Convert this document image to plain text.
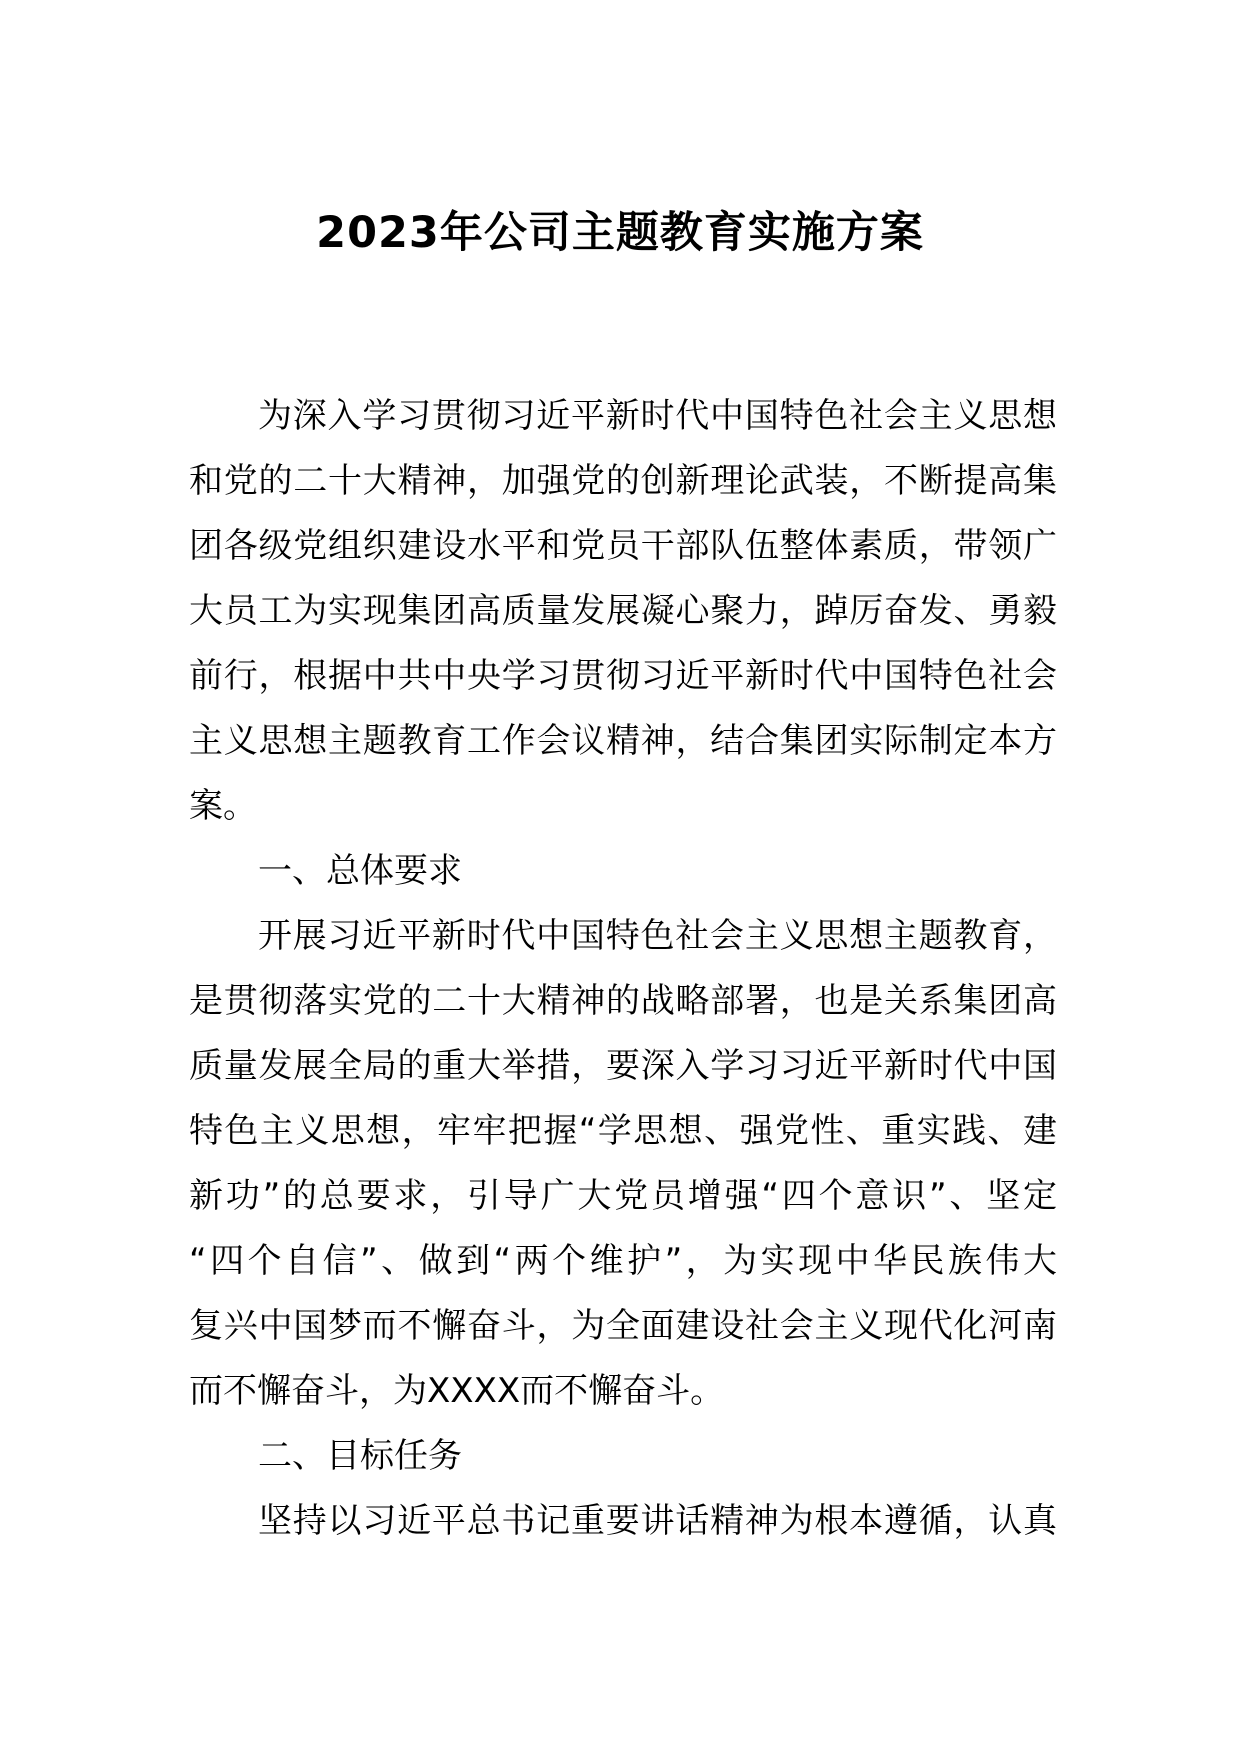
2023年公司主题教育实施方案
为深入学习贯彻习近平新时代中国特色社会主义思想
和党的二十大精神，加强党的创新理论武装，不断提高集
团各级党组织建设水平和党员干部队伍整体素质，带领广
大员工为实现集团高质量发展凝心聚力，踔厉奋发、勇毅
前行，根据中共中央学习贯彻习近平新时代中国特色社会
主义思想主题教育工作会议精神，结合集团实际制定本方
案。
一、总体要求
开展习近平新时代中国特色社会主义思想主题教育，
是贯彻落实党的二十大精神的战略部署，也是关系集团高
质量发展全局的重大举措，要深入学习习近平新时代中国
特色主义思想，牢牢把握“学思想、强党性、重实践、建
新功”的总要求，引导广大党员增强“四个意识”、坚定
“四个自信”、做到“两个维护”，为实现中华民族伟大
复兴中国梦而不懈奋斗，为全面建设社会主义现代化河南
而不懈奋斗，为XXXX而不懈奋斗。
二、目标任务
坚持以习近平总书记重要讲话精神为根本遵循，认真
